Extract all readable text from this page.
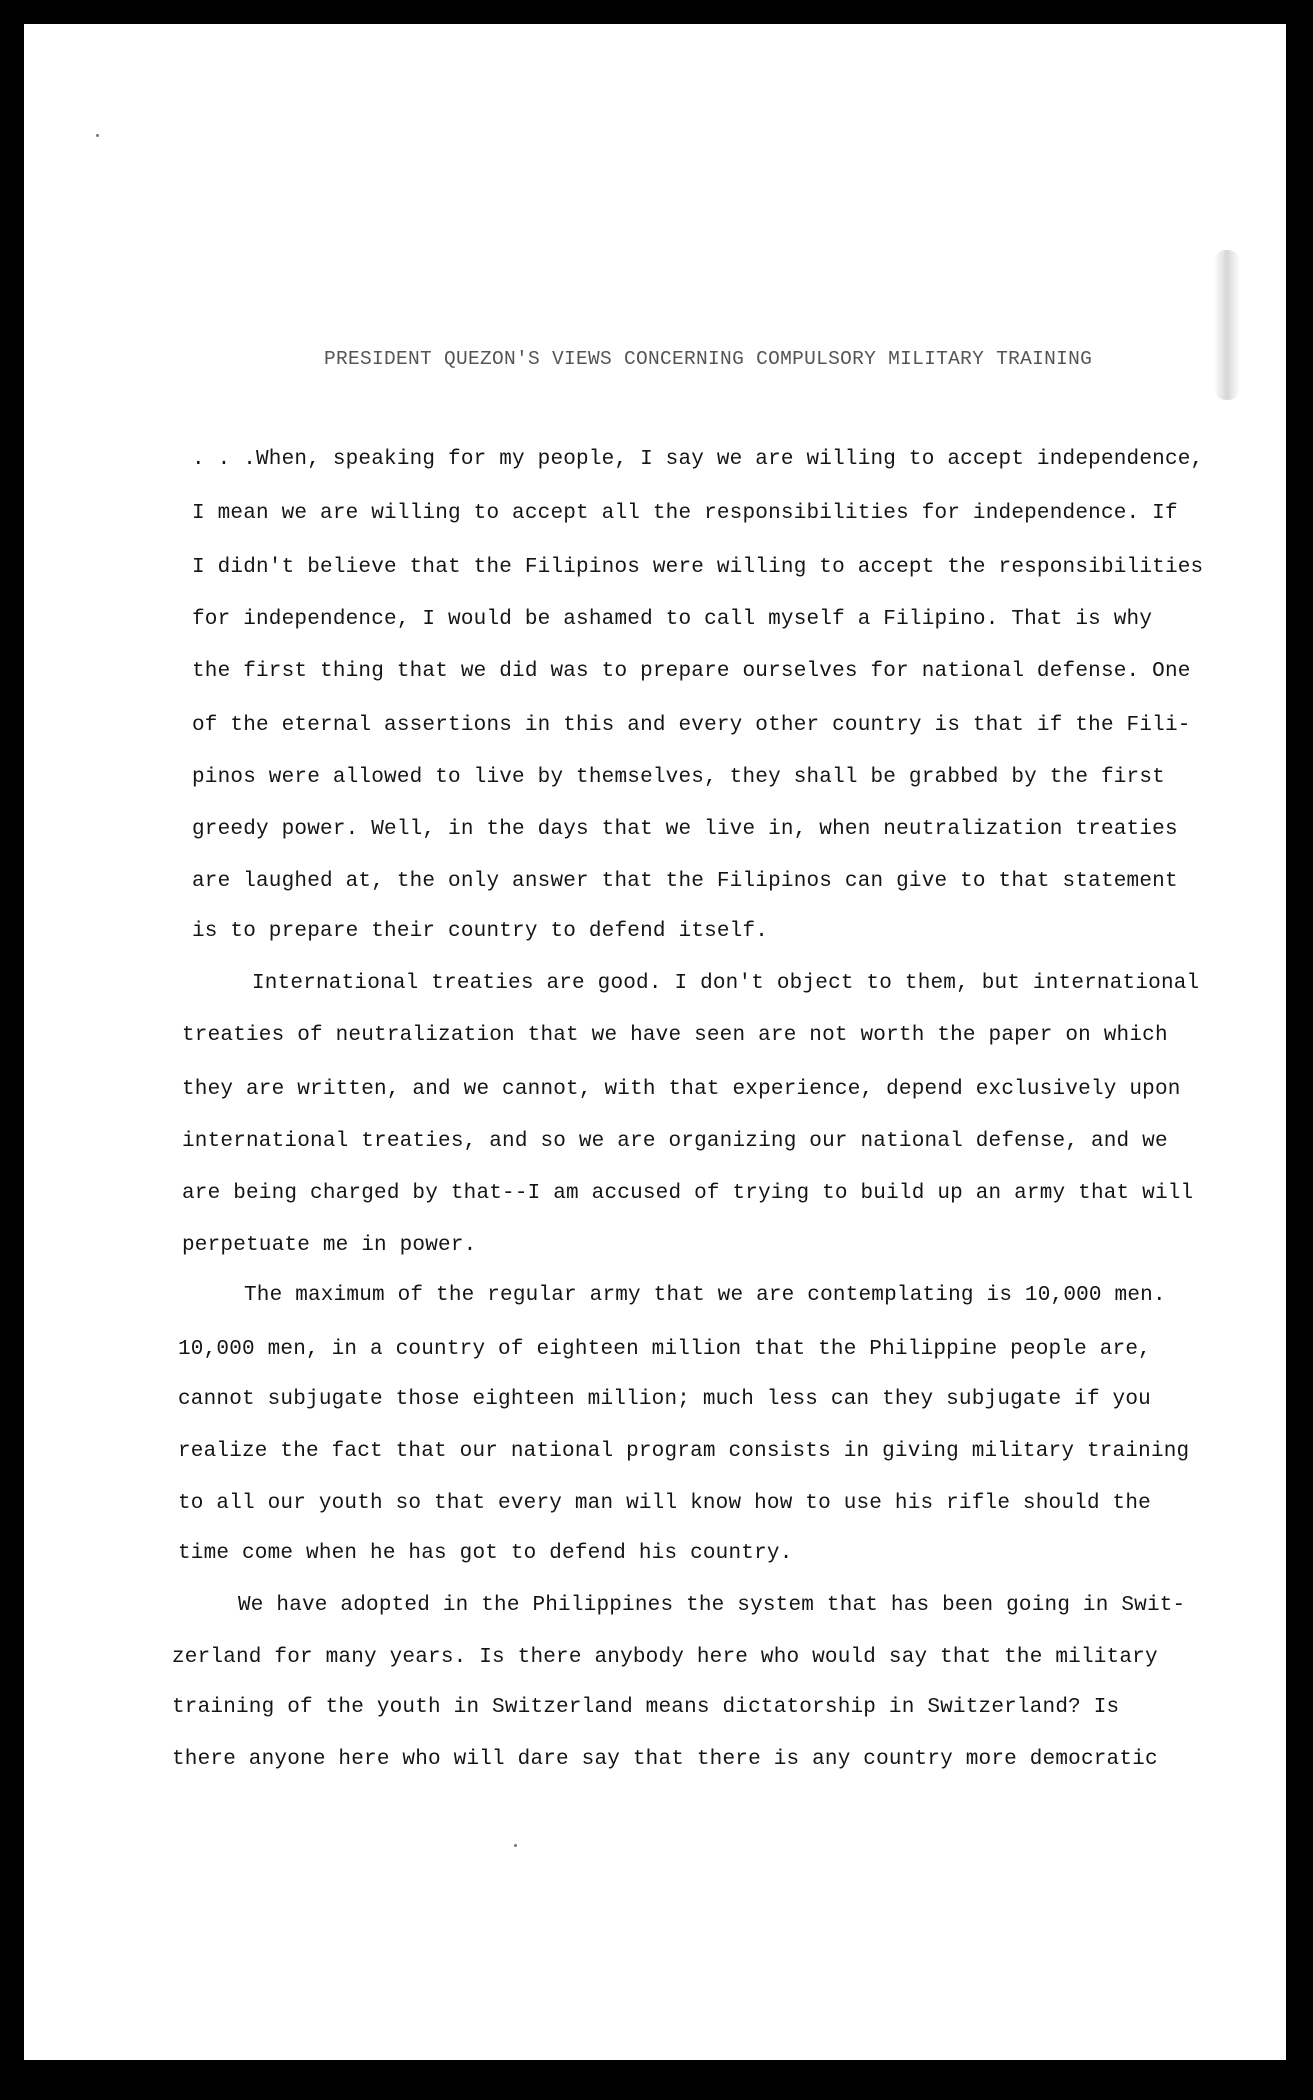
PRESIDENT QUEZON'S VIEWS CONCERNING COMPULSORY MILITARY TRAINING
. . .When, speaking for my people, I say we are willing to accept independence,
I mean we are willing to accept all the responsibilities for independence. If
I didn't believe that the Filipinos were willing to accept the responsibilities
for independence, I would be ashamed to call myself a Filipino. That is why
the first thing that we did was to prepare ourselves for national defense. One
of the eternal assertions in this and every other country is that if the Fili-
pinos were allowed to live by themselves, they shall be grabbed by the first
greedy power. Well, in the days that we live in, when neutralization treaties
are laughed at, the only answer that the Filipinos can give to that statement
is to prepare their country to defend itself.
International treaties are good. I don't object to them, but international
treaties of neutralization that we have seen are not worth the paper on which
they are written, and we cannot, with that experience, depend exclusively upon
international treaties, and so we are organizing our national defense, and we
are being charged by that--I am accused of trying to build up an army that will
perpetuate me in power.
The maximum of the regular army that we are contemplating is 10,000 men.
10,000 men, in a country of eighteen million that the Philippine people are,
cannot subjugate those eighteen million; much less can they subjugate if you
realize the fact that our national program consists in giving military training
to all our youth so that every man will know how to use his rifle should the
time come when he has got to defend his country.
We have adopted in the Philippines the system that has been going in Swit-
zerland for many years. Is there anybody here who would say that the military
training of the youth in Switzerland means dictatorship in Switzerland? Is
there anyone here who will dare say that there is any country more democratic
